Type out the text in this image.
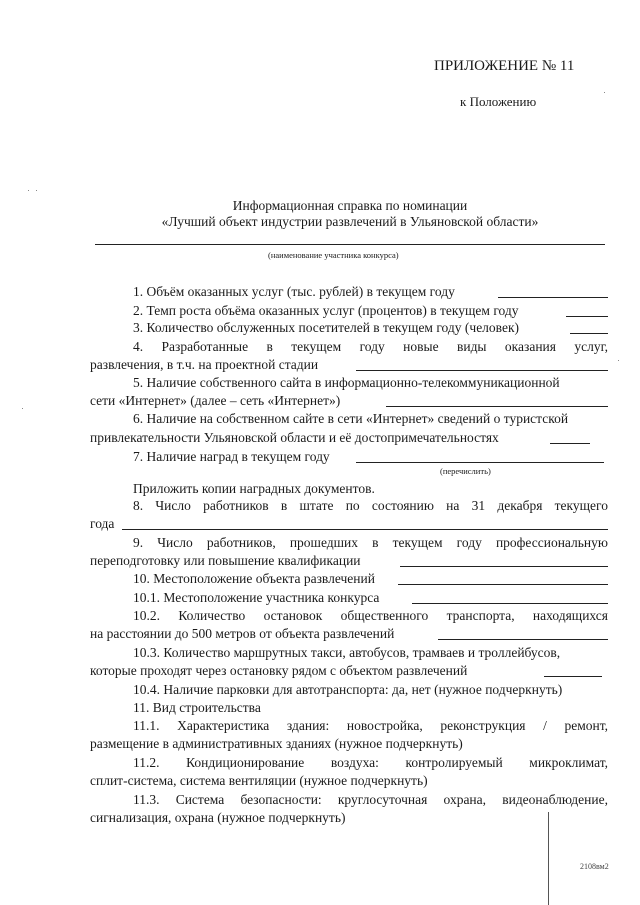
ПРИЛОЖЕНИЕ № 11
к Положению
Информационная справка по номинации
«Лучший объект индустрии развлечений в Ульяновской области»
(наименование участника конкурса)
1. Объём оказанных услуг (тыс. рублей) в текущем году
2. Темп роста объёма оказанных услуг (процентов) в текущем году
3. Количество обслуженных посетителей в текущем году (человек)
4. Разработанные в текущем году новые виды оказания услуг,
развлечения, в т.ч. на проектной стадии
5. Наличие собственного сайта в информационно-телекоммуникационной
сети «Интернет» (далее – сеть «Интернет»)
6. Наличие на собственном сайте в сети «Интернет» сведений о туристской
привлекательности Ульяновской области и её достопримечательностях
7. Наличие наград в текущем году
(перечислить)
Приложить копии наградных документов.
8. Число работников в штате по состоянию на 31 декабря текущего
года
9. Число работников, прошедших в текущем году профессиональную
переподготовку или повышение квалификации
10. Местоположение объекта развлечений
10.1. Местоположение участника конкурса
10.2. Количество остановок общественного транспорта, находящихся
на расстоянии до 500 метров от объекта развлечений
10.3. Количество маршрутных такси, автобусов, трамваев и троллейбусов,
которые проходят через остановку рядом с объектом развлечений
10.4. Наличие парковки для автотранспорта: да, нет (нужное подчеркнуть)
11. Вид строительства
11.1. Характеристика здания: новостройка, реконструкция / ремонт,
размещение в административных зданиях (нужное подчеркнуть)
11.2. Кондиционирование воздуха: контролируемый микроклимат,
сплит-система, система вентиляции (нужное подчеркнуть)
11.3. Система безопасности: круглосуточная охрана, видеонаблюдение,
сигнализация, охрана (нужное подчеркнуть)
2108вм2
